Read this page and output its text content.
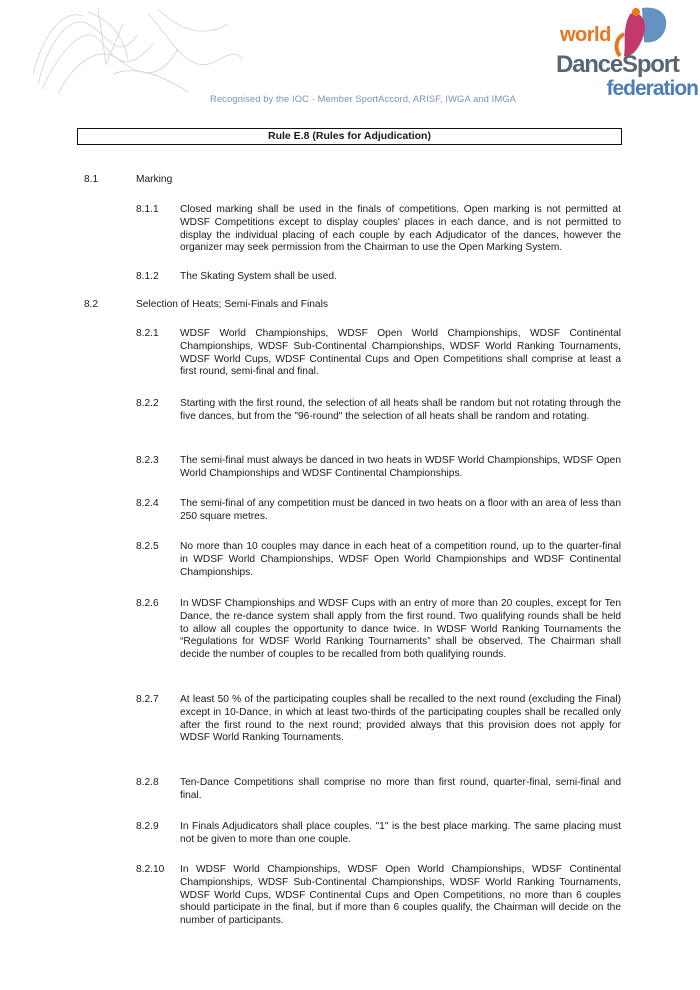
world
DanceSport
federation
Recognised by the IOC · Member SportAccord, ARISF, IWGA and IMGA
Rule E.8 (Rules for Adjudication)
8.1	Marking
8.1.1 Closed marking shall be used in the finals of competitions. Open marking is not permitted at WDSF Competitions except to display couples' places in each dance, and is not permitted to display the individual placing of each couple by each Adjudicator of the dances, however the organizer may seek permission from the Chairman to use the Open Marking System.
8.1.2 The Skating System shall be used.
8.2	Selection of Heats; Semi-Finals and Finals
8.2.1 WDSF World Championships, WDSF Open World Championships, WDSF Continental Championships, WDSF Sub-Continental Championships, WDSF World Ranking Tournaments, WDSF World Cups, WDSF Continental Cups and Open Competitions shall comprise at least a first round, semi-final and final.
8.2.2 Starting with the first round, the selection of all heats shall be random but not rotating through the five dances, but from the "96-round" the selection of all heats shall be random and rotating.
8.2.3 The semi-final must always be danced in two heats in WDSF World Championships, WDSF Open World Championships and WDSF Continental Championships.
8.2.4 The semi-final of any competition must be danced in two heats on a floor with an area of less than 250 square metres.
8.2.5 No more than 10 couples may dance in each heat of a competition round, up to the quarter-final in WDSF World Championships, WDSF Open World Championships and WDSF Continental Championships.
8.2.6 In WDSF Championships and WDSF Cups with an entry of more than 20 couples, except for Ten Dance, the re-dance system shall apply from the first round. Two qualifying rounds shall be held to allow all couples the opportunity to dance twice. In WDSF World Ranking Tournaments the “Regulations for WDSF World Ranking Tournaments” shall be observed. The Chairman shall decide the number of couples to be recalled from both qualifying rounds.
8.2.7 At least 50 % of the participating couples shall be recalled to the next round (excluding the Final) except in 10-Dance, in which at least two-thirds of the participating couples shall be recalled only after the first round to the next round; provided always that this provision does not apply for WDSF World Ranking Tournaments.
8.2.8 Ten-Dance Competitions shall comprise no more than first round, quarter-final, semi-final and final.
8.2.9 In Finals Adjudicators shall place couples. "1" is the best place marking. The same placing must not be given to more than one couple.
8.2.10 In WDSF World Championships, WDSF Open World Championships, WDSF Continental Championships, WDSF Sub-Continental Championships, WDSF World Ranking Tournaments, WDSF World Cups, WDSF Continental Cups and Open Competitions, no more than 6 couples should participate in the final, but if more than 6 couples qualify, the Chairman will decide on the number of participants.
